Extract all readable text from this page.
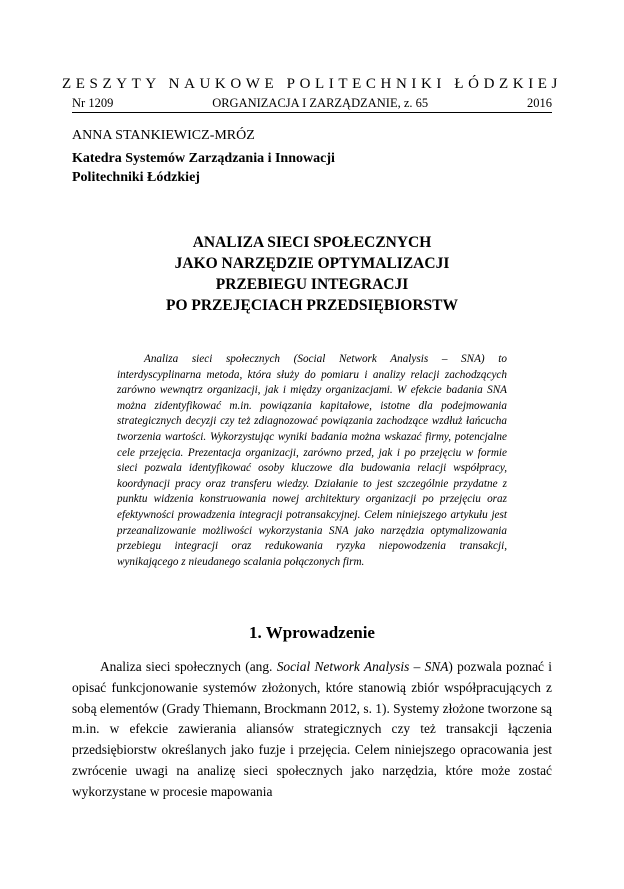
ZESZYTY NAUKOWE POLITECHNIKI ŁÓDZKIEJ
Nr 1209	ORGANIZACJA I ZARZĄDZANIE, z. 65	2016
ANNA STANKIEWICZ-MRÓZ
Katedra Systemów Zarządzania i Innowacji
Politechniki Łódzkiej
ANALIZA SIECI SPOŁECZNYCH
JAKO NARZĘDZIE OPTYMALIZACJI
PRZEBIEGU INTEGRACJI
PO PRZEJĘCIACH PRZEDSIĘBIORSTW

Analiza sieci społecznych (Social Network Analysis – SNA) to interdyscyplinarna metoda, która służy do pomiaru i analizy relacji zachodzących zarówno wewnątrz organizacji, jak i między organizacjami. W efekcie badania SNA można zidentyfikować m.in. powiązania kapitałowe, istotne dla podejmowania strategicznych decyzji czy też zdiagnozować powiązania zachodzące wzdłuż łańcucha tworzenia wartości. Wykorzystując wyniki badania można wskazać firmy, potencjalne cele przejęcia. Prezentacja organizacji, zarówno przed, jak i po przejęciu w formie sieci pozwala identyfikować osoby kluczowe dla budowania relacji współpracy, koordynacji pracy oraz transferu wiedzy. Działanie to jest szczególnie przydatne z punktu widzenia konstruowania nowej architektury organizacji po przejęciu oraz efektywności prowadzenia integracji potransakcyjnej. Celem niniejszego artykułu jest przeanalizowanie możliwości wykorzystania SNA jako narzędzia optymalizowania przebiegu integracji oraz redukowania ryzyka niepowodzenia transakcji, wynikającego z nieudanego scalania połączonych firm.

1. Wprowadzenie

Analiza sieci społecznych (ang. Social Network Analysis – SNA) pozwala poznać i opisać funkcjonowanie systemów złożonych, które stanowią zbiór współpracujących z sobą elementów (Grady Thiemann, Brockmann 2012, s. 1). Systemy złożone tworzone są m.in. w efekcie zawierania aliansów strategicznych czy też transakcji łączenia przedsiębiorstw określanych jako fuzje i przejęcia. Celem niniejszego opracowania jest zwrócenie uwagi na analizę sieci społecznych jako narzędzia, które może zostać wykorzystane w procesie mapowania
